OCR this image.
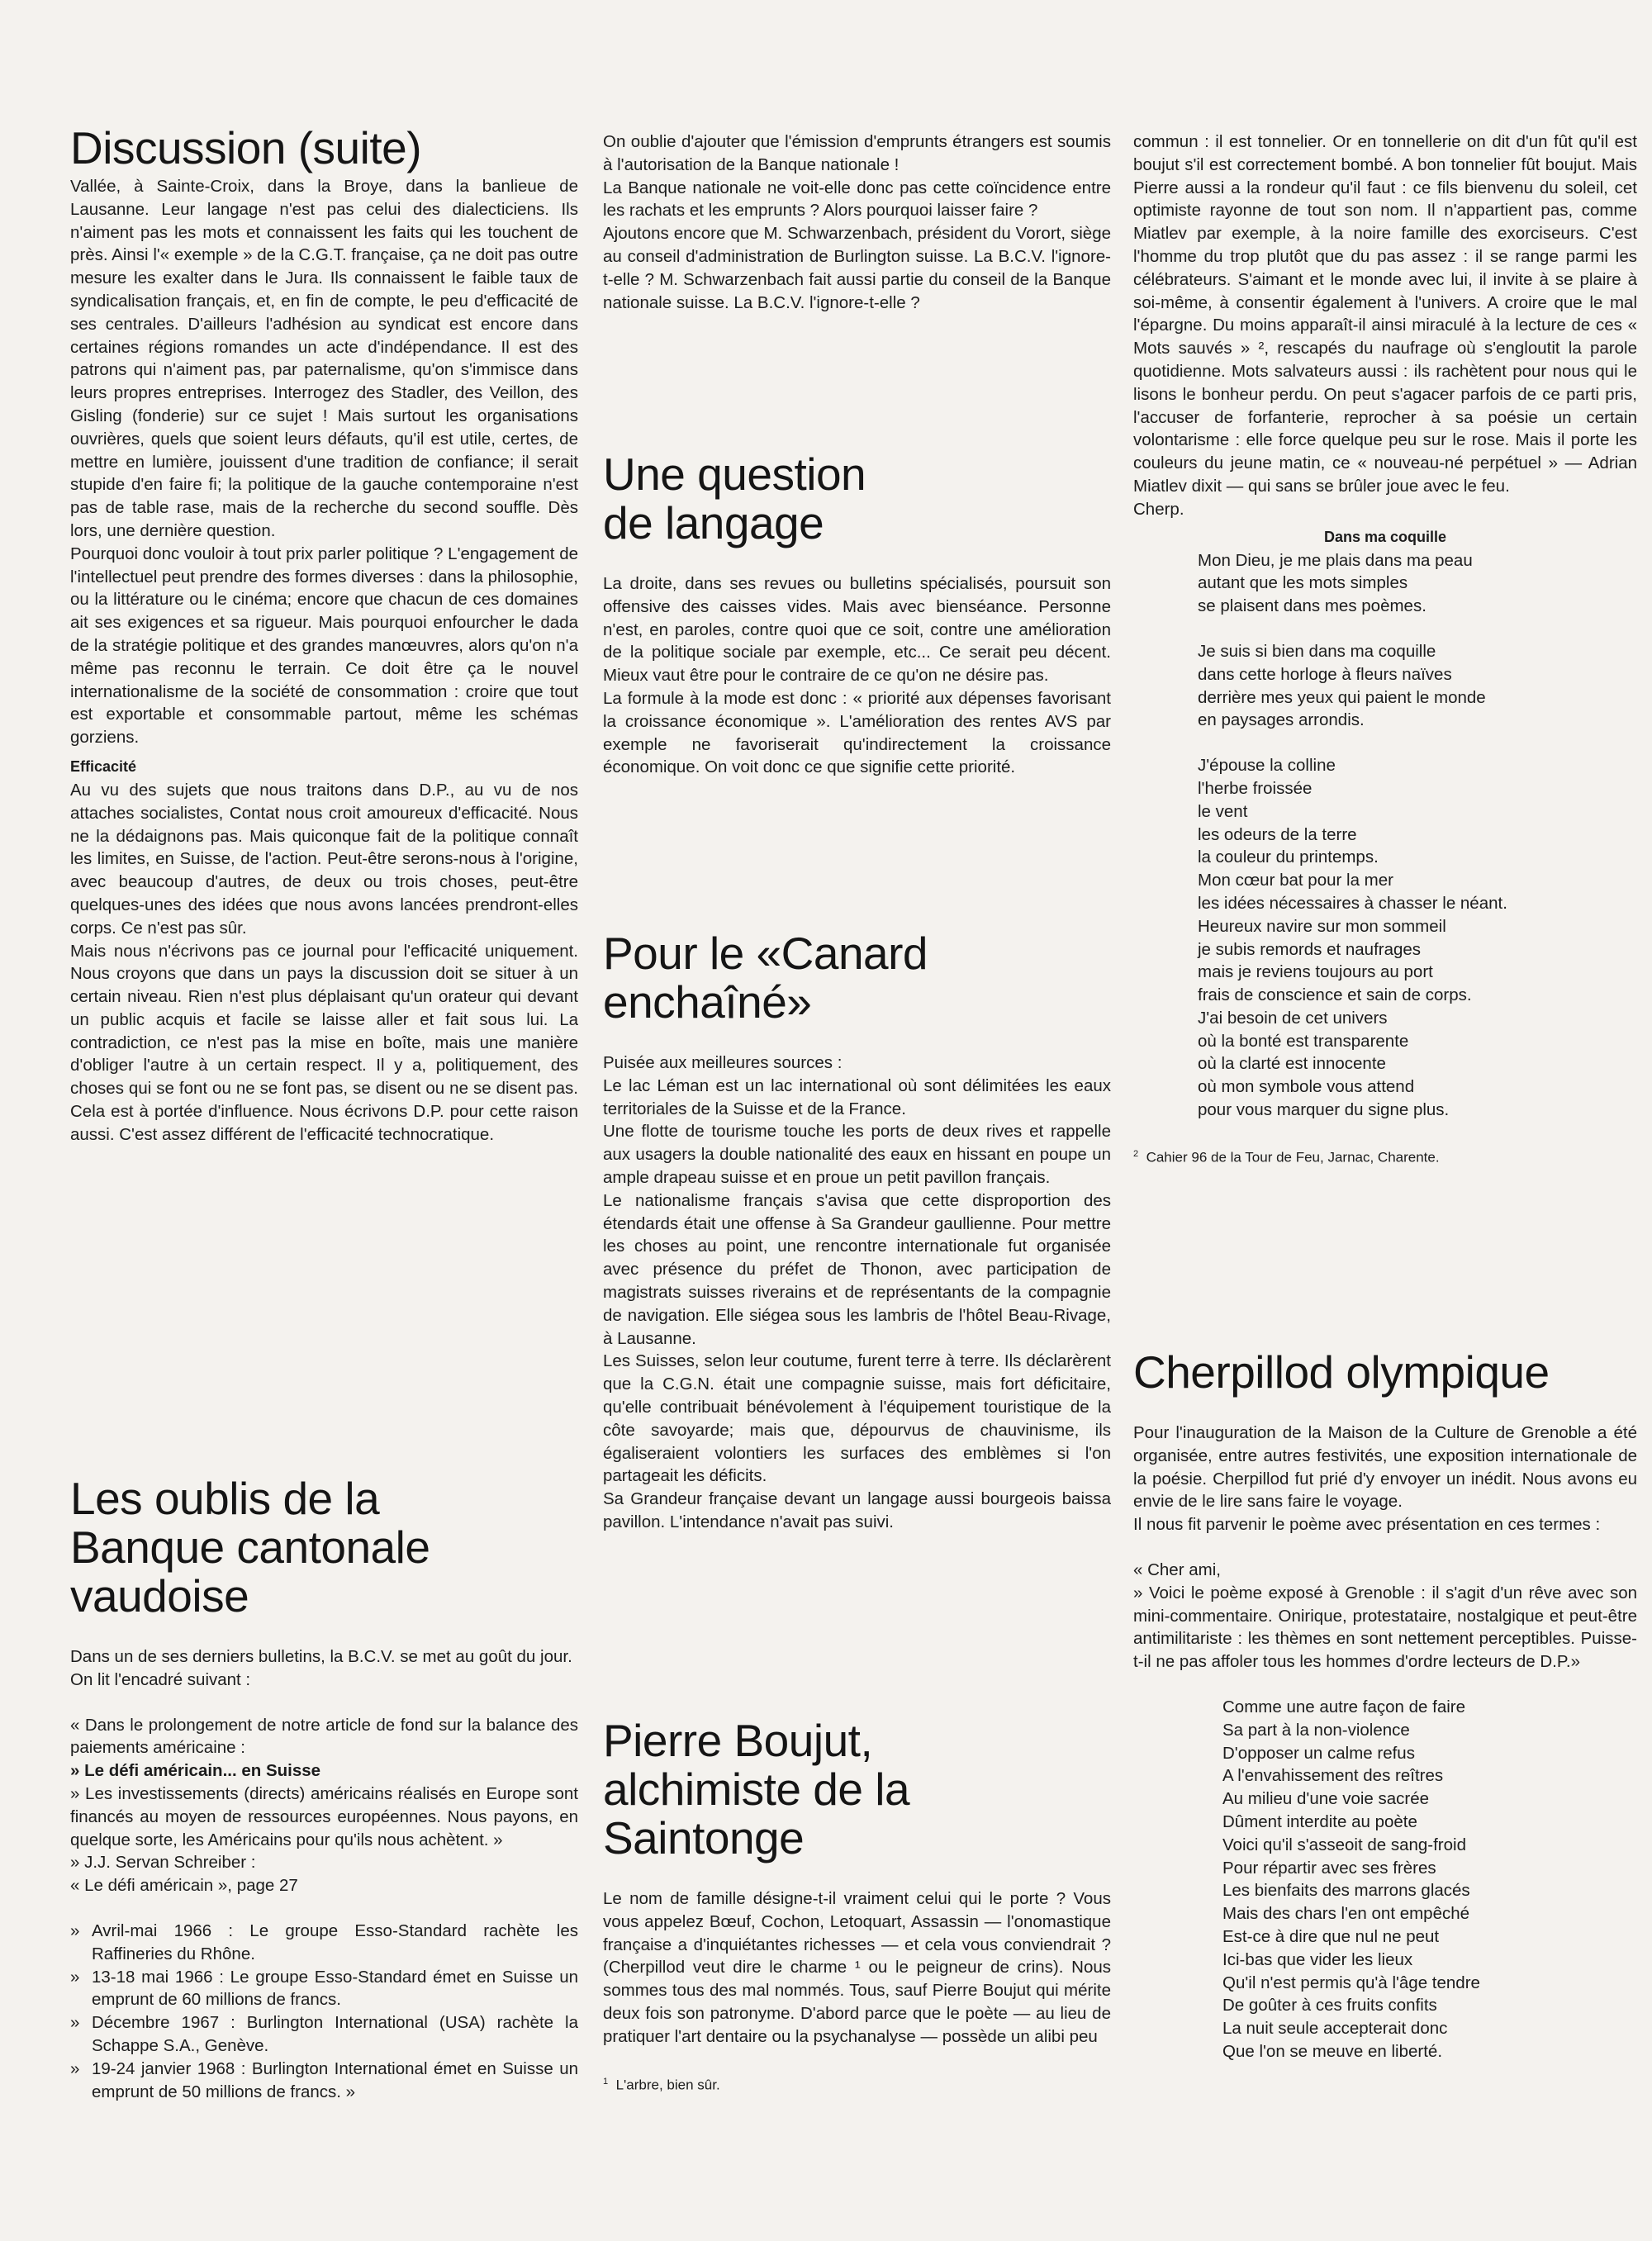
Discussion (suite)

Vallée, à Sainte-Croix, dans la Broye, dans la banlieue de Lausanne. Leur langage n'est pas celui des dialecticiens. Ils n'aiment pas les mots et connaissent les faits qui les touchent de près. Ainsi l'« exemple » de la C.G.T. française, ça ne doit pas outre mesure les exalter dans le Jura. Ils connaissent le faible taux de syndicalisation français, et, en fin de compte, le peu d'efficacité de ses centrales. D'ailleurs l'adhésion au syndicat est encore dans certaines régions romandes un acte d'indépendance. Il est des patrons qui n'aiment pas, par paternalisme, qu'on s'immisce dans leurs propres entreprises. Interrogez des Stadler, des Veillon, des Gisling (fonderie) sur ce sujet ! Mais surtout les organisations ouvrières, quels que soient leurs défauts, qu'il est utile, certes, de mettre en lumière, jouissent d'une tradition de confiance; il serait stupide d'en faire fi; la politique de la gauche contemporaine n'est pas de table rase, mais de la recherche du second souffle. Dès lors, une dernière question.

Pourquoi donc vouloir à tout prix parler politique ? L'engagement de l'intellectuel peut prendre des formes diverses : dans la philosophie, ou la littérature ou le cinéma; encore que chacun de ces domaines ait ses exigences et sa rigueur. Mais pourquoi enfourcher le dada de la stratégie politique et des grandes manœuvres, alors qu'on n'a même pas reconnu le terrain. Ce doit être ça le nouvel internationalisme de la société de consommation : croire que tout est exportable et consommable partout, même les schémas gorziens.

Efficacité

Au vu des sujets que nous traitons dans D.P., au vu de nos attaches socialistes, Contat nous croit amoureux d'efficacité. Nous ne la dédaignons pas. Mais quiconque fait de la politique connaît les limites, en Suisse, de l'action. Peut-être serons-nous à l'origine, avec beaucoup d'autres, de deux ou trois choses, peut-être quelques-unes des idées que nous avons lancées prendront-elles corps. Ce n'est pas sûr.

Mais nous n'écrivons pas ce journal pour l'efficacité uniquement. Nous croyons que dans un pays la discussion doit se situer à un certain niveau. Rien n'est plus déplaisant qu'un orateur qui devant un public acquis et facile se laisse aller et fait sous lui. La contradiction, ce n'est pas la mise en boîte, mais une manière d'obliger l'autre à un certain respect. Il y a, politiquement, des choses qui se font ou ne se font pas, se disent ou ne se disent pas. Cela est à portée d'influence. Nous écrivons D.P. pour cette raison aussi. C'est assez différent de l'efficacité technocratique.

Les oublis de la
Banque cantonale
vaudoise

Dans un de ses derniers bulletins, la B.C.V. se met au goût du jour.

On lit l'encadré suivant :

« Dans le prolongement de notre article de fond sur la balance des paiements américaine :

» Le défi américain... en Suisse

» Les investissements (directs) américains réalisés en Europe sont financés au moyen de ressources européennes. Nous payons, en quelque sorte, les Américains pour qu'ils nous achètent. »

» J.J. Servan Schreiber :

« Le défi américain », page 27

» Avril-mai 1966 : Le groupe Esso-Standard rachète les Raffineries du Rhône.
» 13-18 mai 1966 : Le groupe Esso-Standard émet en Suisse un emprunt de 60 millions de francs.
» Décembre 1967 : Burlington International (USA) rachète la Schappe S.A., Genève.
» 19-24 janvier 1968 : Burlington International émet en Suisse un emprunt de 50 millions de francs. »

On oublie d'ajouter que l'émission d'emprunts étrangers est soumis à l'autorisation de la Banque nationale !

La Banque nationale ne voit-elle donc pas cette coïncidence entre les rachats et les emprunts ? Alors pourquoi laisser faire ?

Ajoutons encore que M. Schwarzenbach, président du Vorort, siège au conseil d'administration de Burlington suisse. La B.C.V. l'ignore-t-elle ? M. Schwarzenbach fait aussi partie du conseil de la Banque nationale suisse. La B.C.V. l'ignore-t-elle ?

Une question
de langage

La droite, dans ses revues ou bulletins spécialisés, poursuit son offensive des caisses vides. Mais avec bienséance. Personne n'est, en paroles, contre quoi que ce soit, contre une amélioration de la politique sociale par exemple, etc... Ce serait peu décent. Mieux vaut être pour le contraire de ce qu'on ne désire pas.

La formule à la mode est donc : « priorité aux dépenses favorisant la croissance économique ». L'amélioration des rentes AVS par exemple ne favoriserait qu'indirectement la croissance économique. On voit donc ce que signifie cette priorité.

Pour le «Canard
enchaîné»

Puisée aux meilleures sources :

Le lac Léman est un lac international où sont délimitées les eaux territoriales de la Suisse et de la France.

Une flotte de tourisme touche les ports de deux rives et rappelle aux usagers la double nationalité des eaux en hissant en poupe un ample drapeau suisse et en proue un petit pavillon français.

Le nationalisme français s'avisa que cette disproportion des étendards était une offense à Sa Grandeur gaullienne. Pour mettre les choses au point, une rencontre internationale fut organisée avec présence du préfet de Thonon, avec participation de magistrats suisses riverains et de représentants de la compagnie de navigation. Elle siégea sous les lambris de l'hôtel Beau-Rivage, à Lausanne.

Les Suisses, selon leur coutume, furent terre à terre. Ils déclarèrent que la C.G.N. était une compagnie suisse, mais fort déficitaire, qu'elle contribuait bénévolement à l'équipement touristique de la côte savoyarde; mais que, dépourvus de chauvinisme, ils égaliseraient volontiers les surfaces des emblèmes si l'on partageait les déficits.

Sa Grandeur française devant un langage aussi bourgeois baissa pavillon. L'intendance n'avait pas suivi.

Pierre Boujut,
alchimiste de la
Saintonge

Le nom de famille désigne-t-il vraiment celui qui le porte ? Vous vous appelez Bœuf, Cochon, Letoquart, Assassin — l'onomastique française a d'inquiétantes richesses — et cela vous conviendrait ? (Cherpillod veut dire le charme ¹ ou le peigneur de crins). Nous sommes tous des mal nommés. Tous, sauf Pierre Boujut qui mérite deux fois son patronyme. D'abord parce que le poète — au lieu de pratiquer l'art dentaire ou la psychanalyse — possède un alibi peu

$^1$ L'arbre, bien sûr.

commun : il est tonnelier. Or en tonnellerie on dit d'un fût qu'il est boujut s'il est correctement bombé. A bon tonnelier fût boujut. Mais Pierre aussi a la rondeur qu'il faut : ce fils bienvenu du soleil, cet optimiste rayonne de tout son nom. Il n'appartient pas, comme Miatlev par exemple, à la noire famille des exorciseurs. C'est l'homme du trop plutôt que du pas assez : il se range parmi les célébrateurs. S'aimant et le monde avec lui, il invite à se plaire à soi-même, à consentir également à l'univers. A croire que le mal l'épargne. Du moins apparaît-il ainsi miraculé à la lecture de ces « Mots sauvés » ², rescapés du naufrage où s'engloutit la parole quotidienne. Mots salvateurs aussi : ils rachètent pour nous qui le lisons le bonheur perdu. On peut s'agacer parfois de ce parti pris, l'accuser de forfanterie, reprocher à sa poésie un certain volontarisme : elle force quelque peu sur le rose. Mais il porte les couleurs du jeune matin, ce « nouveau-né perpétuel » — Adrian Miatlev dixit — qui sans se brûler joue avec le feu.

Cherp.

Dans ma coquille
Mon Dieu, je me plais dans ma peau
autant que les mots simples
se plaisent dans mes poèmes.
Je suis si bien dans ma coquille
dans cette horloge à fleurs naïves
derrière mes yeux qui paient le monde
en paysages arrondis.
J'épouse la colline
l'herbe froissée
le vent
les odeurs de la terre
la couleur du printemps.
Mon cœur bat pour la mer
les idées nécessaires à chasser le néant.
Heureux navire sur mon sommeil
je subis remords et naufrages
mais je reviens toujours au port
frais de conscience et sain de corps.
J'ai besoin de cet univers
où la bonté est transparente
où la clarté est innocente
où mon symbole vous attend
pour vous marquer du signe plus.

$^2$ Cahier 96 de la Tour de Feu, Jarnac, Charente.

Cherpillod olympique

Pour l'inauguration de la Maison de la Culture de Grenoble a été organisée, entre autres festivités, une exposition internationale de la poésie. Cherpillod fut prié d'y envoyer un inédit. Nous avons eu envie de le lire sans faire le voyage.

Il nous fit parvenir le poème avec présentation en ces termes :

« Cher ami,

» Voici le poème exposé à Grenoble : il s'agit d'un rêve avec son mini-commentaire. Onirique, protestataire, nostalgique et peut-être antimilitariste : les thèmes en sont nettement perceptibles. Puisse-t-il ne pas affoler tous les hommes d'ordre lecteurs de D.P.»

Comme une autre façon de faire
Sa part à la non-violence
D'opposer un calme refus
A l'envahissement des reîtres
Au milieu d'une voie sacrée
Dûment interdite au poète
Voici qu'il s'asseoit de sang-froid
Pour répartir avec ses frères
Les bienfaits des marrons glacés
Mais des chars l'en ont empêché
Est-ce à dire que nul ne peut
Ici-bas que vider les lieux
Qu'il n'est permis qu'à l'âge tendre
De goûter à ces fruits confits
La nuit seule accepterait donc
Que l'on se meuve en liberté.
